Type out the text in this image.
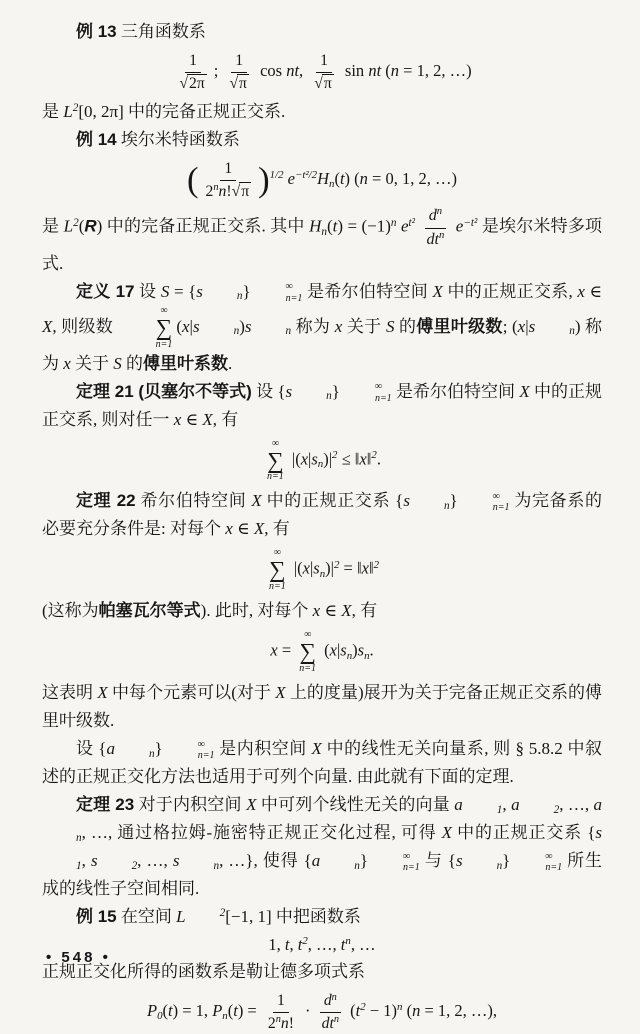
例 13 三角函数系
$\frac{1}{√ 2\pi}$ ; $\frac{1}{√ \pi}$ cos nt, $\frac{1}{√ \pi}$ sin nt (n = 1, 2, …)
是 L2[0, 2π] 中的完备正规正交系.
例 14 埃尔米特函数系
( $\frac{1}{2nn!√ \pi} )1/2$ e−t²/2Hn(t) (n = 0, 1, 2, …)
是 L2(R) 中的完备正规正交系. 其中 Hn(t) = (−1)n $et^2 \frac{dn}{\text{dtn}} e-t^2$ 是埃尔米特多项式.
定义 17 设 S = {s	n}	∞
n=1 是希尔伯特空间 X 中的正规正交系, x ∈ X, 则级数
∞
∑
n=1
(x|s	n)s	n 称为 x 关于 S 的傅里叶级数; (x|s	n) 称为 x 关于 S 的傅里叶系数.
定理 21 (贝塞尔不等式) 设 {s	n}	∞
n=1 是希尔伯特空间 X 中的正规正交系, 则对任一 x ∈ X, 有
∞
∑
n=1
|(x|sn)|2 ≤ ‖x‖2.
定理 22 希尔伯特空间 X 中的正规正交系 {s	n}	∞
n=1 为完备系的必要充分条件是: 对每个 x ∈ X, 有
∞
∑
n=1
|(x|sn)|2 = ‖x‖2
(这称为帕塞瓦尔等式). 此时, 对每个 x ∈ X, 有
x =
∞
∑
n=1
(x|sn)sn.
这表明 X 中每个元素可以(对于 X 上的度量)展开为关于完备正规正交系的傅里叶级数.
设 {a	n}	∞
n=1 是内积空间 X 中的线性无关向量系, 则 § 5.8.2 中叙述的正规正交化方法也适用于可列个向量. 由此就有下面的定理.
定理 23 对于内积空间 X 中可列个线性无关的向量 a	1, a	2, …, an, …, 通过格拉姆-施密特正规正交化过程, 可得 X 中的正规正交系 {s1, s	2, …, s	n, …}, 使得 {a	n}	∞
n=1 与 {s	n}	∞
n=1 所生成的线性子空间相同.
例 15 在空间 L	2[−1, 1] 中把函数系
1, t, t2, …, tn, …
正规正交化所得的函数系是勒让德多项式系
P0(t) = 1, $Pn(t) = \frac{1}{2nn!} \cdot \frac{dn}{\text{dtn}} (t2 - 1)n$ (n = 1, 2, …),
• 548 •
